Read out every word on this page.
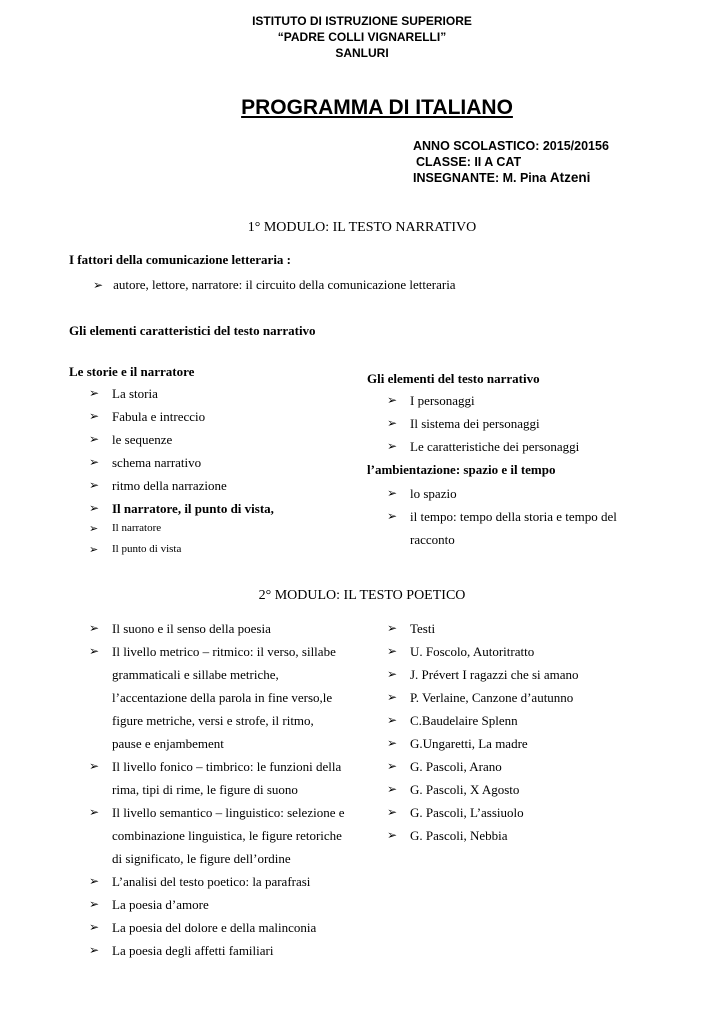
ISTITUTO DI ISTRUZIONE SUPERIORE
“PADRE COLLI VIGNARELLI”
SANLURI
PROGRAMMA DI ITALIANO
ANNO SCOLASTICO: 2015/20156
CLASSE: II A CAT
INSEGNANTE: M. Pina Atzeni
1° MODULO: IL TESTO NARRATIVO
I fattori della comunicazione letteraria :
➢ autore, lettore, narratore: il circuito della comunicazione letteraria
Gli elementi caratteristici del testo narrativo
Le storie e il narratore
➢ La storia
➢ Fabula e intreccio
➢ le sequenze
➢ schema narrativo
➢ ritmo della narrazione
➢ Il narratore, il punto di vista,
➢ Il narratore
➢ Il punto di vista
Gli elementi del testo narrativo
➢ I personaggi
➢ Il sistema dei personaggi
➢ Le caratteristiche dei personaggi
l’ambientazione: spazio e il tempo
➢ lo spazio
➢ il tempo: tempo della storia e tempo del
racconto
2° MODULO: IL TESTO POETICO
➢ Il suono e il senso della poesia
➢ Il livello metrico – ritmico: il verso, sillabe
grammaticali e sillabe metriche,
l’accentazione della parola in fine verso,le
figure metriche, versi e strofe, il ritmo,
pause e enjambement
➢ Il livello fonico – timbrico: le funzioni della
rima, tipi di rime, le figure di suono
➢ Il livello semantico – linguistico: selezione e
combinazione linguistica, le figure retoriche
di significato, le figure dell’ordine
➢ L’analisi del testo poetico: la parafrasi
➢ La poesia d’amore
➢ La poesia del dolore e della malinconia
➢ La poesia degli affetti familiari
➢ Testi
➢ U. Foscolo, Autoritratto
➢ J. Prévert I ragazzi che si amano
➢ P. Verlaine, Canzone d’autunno
➢ C.Baudelaire Splenn
➢ G.Ungaretti, La madre
➢ G. Pascoli, Arano
➢ G. Pascoli, X Agosto
➢ G. Pascoli, L’assiuolo
➢ G. Pascoli, Nebbia
